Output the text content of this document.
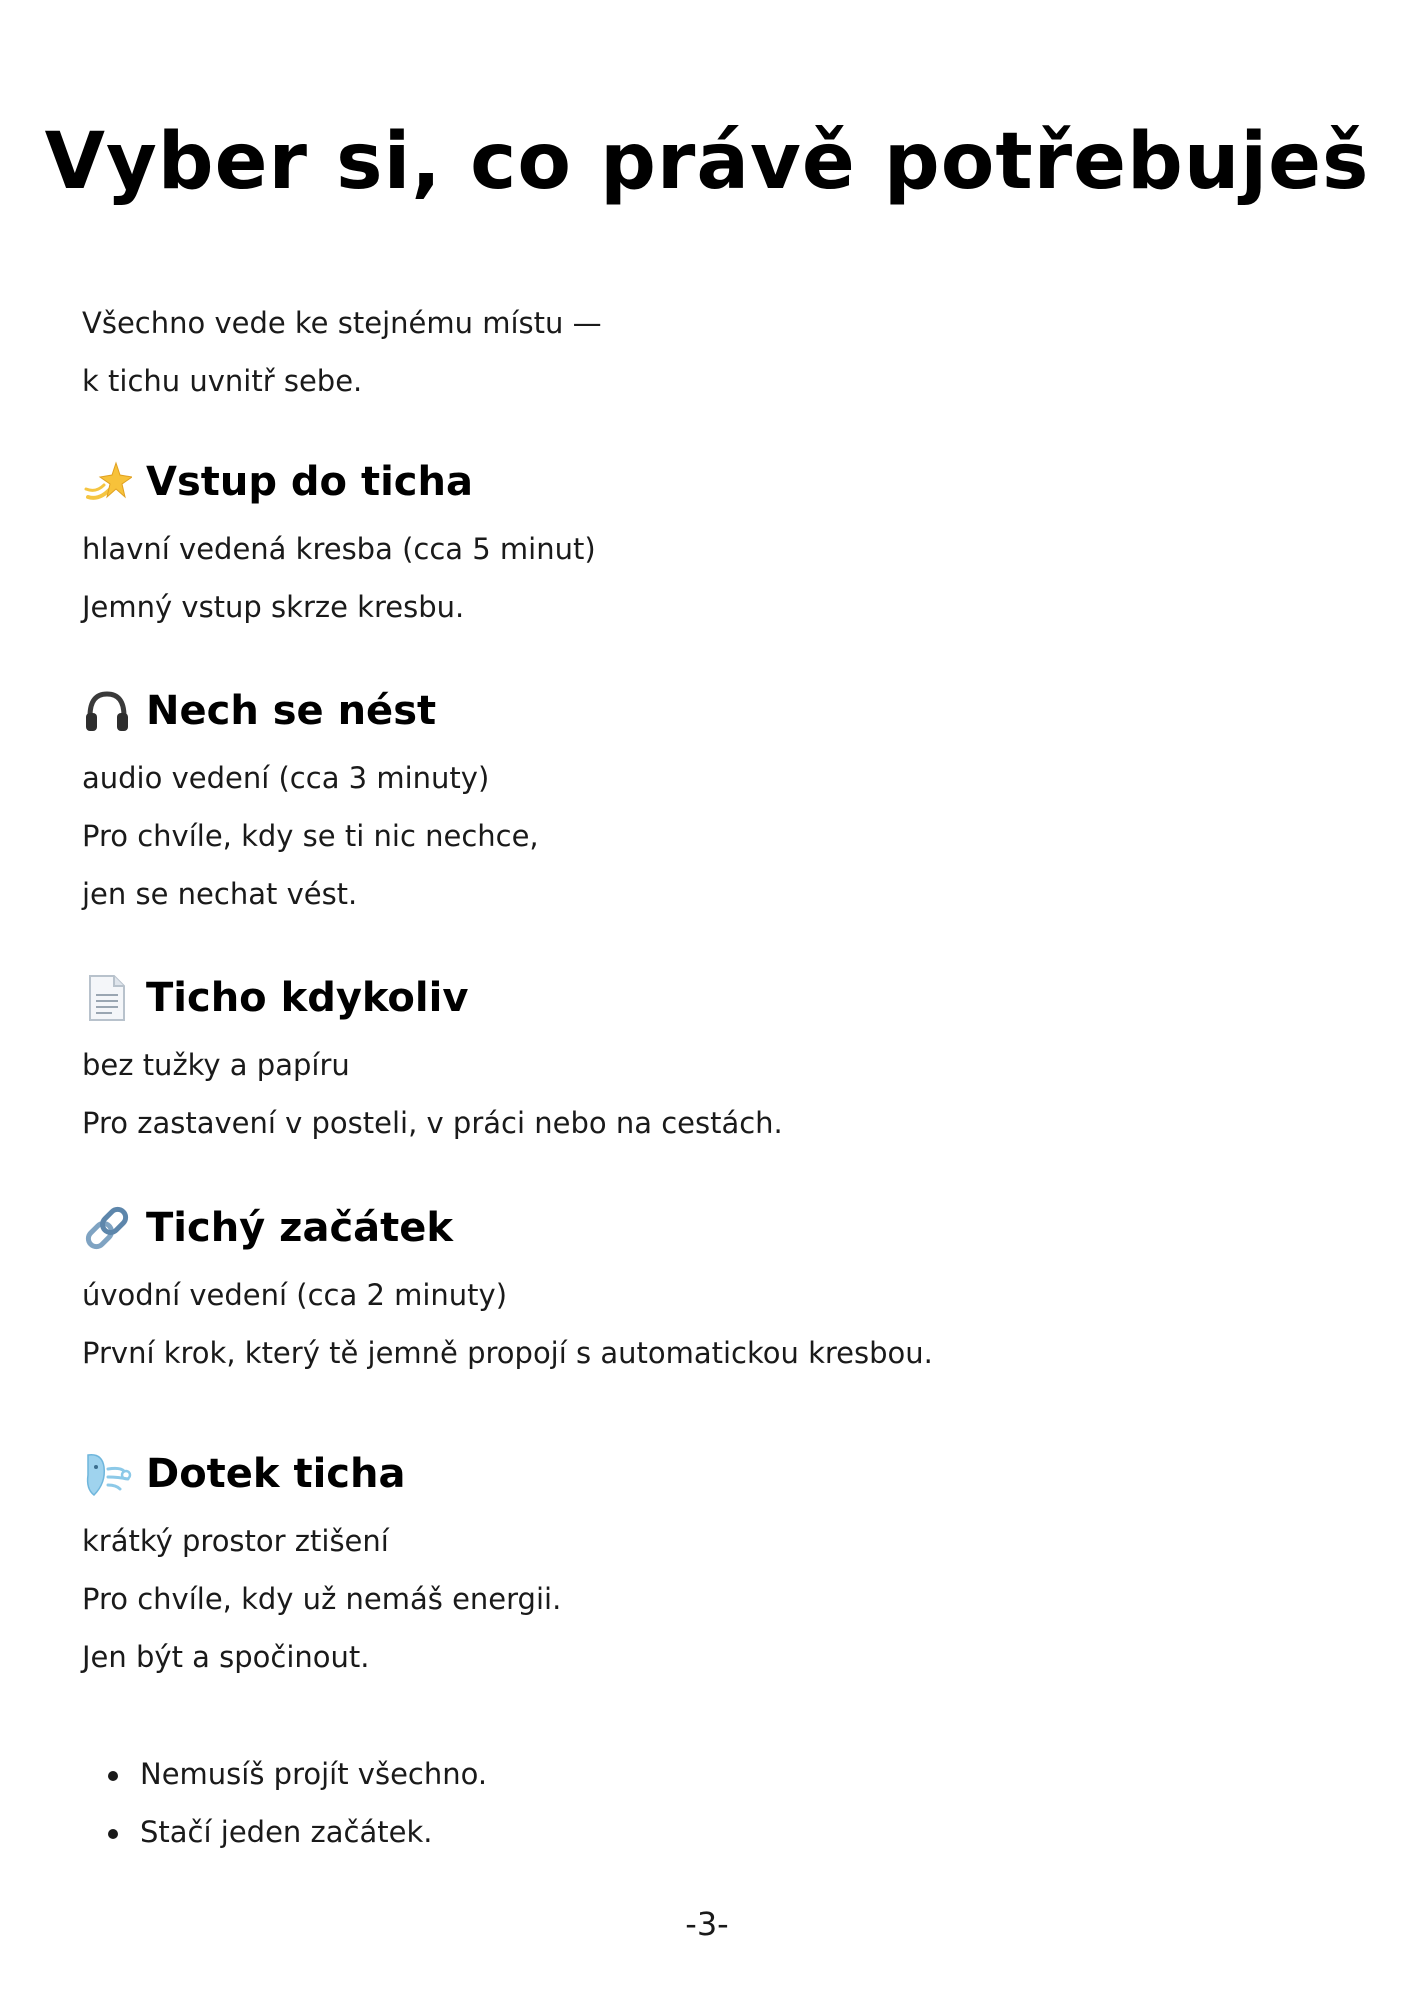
Vyber si, co právě potřebuješ

Všechno vede ke stejnému místu —

k tichu uvnitř sebe.

Vstup do ticha

hlavní vedená kresba (cca 5 minut)

Jemný vstup skrze kresbu.

Nech se nést

audio vedení (cca 3 minuty)

Pro chvíle, kdy se ti nic nechce,

jen se nechat vést.

Ticho kdykoliv

bez tužky a papíru

Pro zastavení v posteli, v práci nebo na cestách.

Tichý začátek

úvodní vedení (cca 2 minuty)

První krok, který tě jemně propojí s automatickou kresbou.

Dotek ticha

krátký prostor ztišení

Pro chvíle, kdy už nemáš energii.

Jen být a spočinout.

Nemusíš projít všechno.
Stačí jeden začátek.
-3-
